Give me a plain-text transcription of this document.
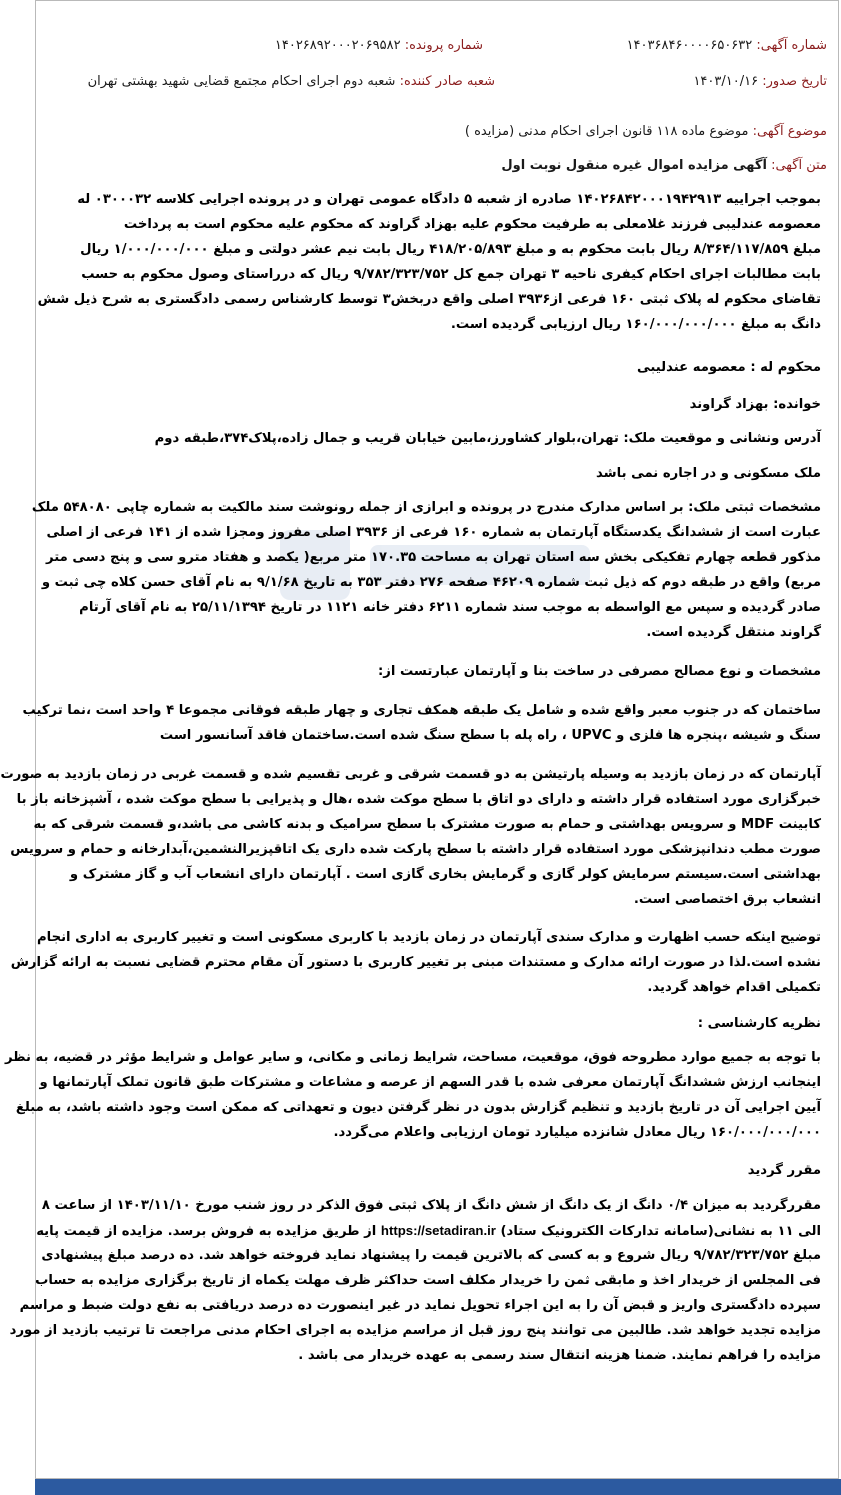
شماره آگهی: ۱۴۰۳۶۸۴۶۰۰۰۰۶۵۰۶۳۲
شماره پرونده: ۱۴۰۲۶۸۹۲۰۰۰۲۰۶۹۵۸۲
تاریخ صدور: ۱۴۰۳/۱۰/۱۶
شعبه صادر کننده: شعبه دوم اجرای احکام مجتمع قضایی شهید بهشتی تهران
موضوع آگهی: موضوع ماده ۱۱۸ قانون اجرای احکام مدنی (مزایده )
متن آگهی: آگهی مزایده اموال غیره منقول نوبت اول
بموجب اجراییه ۱۴۰۲۶۸۴۲۰۰۰۱۹۴۲۹۱۳ صادره از شعبه ۵ دادگاه عمومی تهران و در پرونده اجرایی کلاسه ۰۳۰۰۰۳۲ له
معصومه عندلیبی فرزند غلامعلی به طرفیت محکوم علیه بهزاد گراوند که محکوم علیه محکوم است به پرداخت
مبلغ ۸/۳۶۴/۱۱۷/۸۵۹ ریال بابت محکوم به و مبلغ ۴۱۸/۲۰۵/۸۹۳ ریال بابت نیم عشر دولتی و مبلغ ۱/۰۰۰/۰۰۰/۰۰۰ ریال
بابت مطالبات اجرای احکام کیفری ناحیه ۳ تهران جمع کل ۹/۷۸۲/۳۲۳/۷۵۲ ریال که درراستای وصول محکوم به حسب
تقاضای محکوم له پلاک ثبتی ۱۶۰ فرعی از۳۹۳۶ اصلی واقع دربخش۳ توسط کارشناس رسمی دادگستری به شرح ذیل شش
دانگ به مبلغ ۱۶۰/۰۰۰/۰۰۰/۰۰۰ ریال ارزیابی گردیده است.
محکوم له : معصومه عندلیبی
خوانده: بهزاد گراوند
آدرس ونشانی و موقعیت ملک: تهران،بلوار کشاورز،مابین خیابان قریب و جمال زاده،پلاک۳۷۴،طبقه دوم
ملک مسکونی و در اجاره نمی باشد
مشخصات ثبتی ملک: بر اساس مدارک مندرج در پرونده و ابرازی از جمله رونوشت سند مالکیت به شماره چاپی ۵۴۸۰۸۰ ملک
عبارت است از ششدانگ یکدستگاه آپارتمان به شماره ۱۶۰ فرعی از ۳۹۳۶ اصلی مفروز ومجزا شده از ۱۴۱ فرعی از اصلی
مذکور قطعه چهارم تفکیکی بخش سه استان تهران به مساحت ۱۷۰.۳۵ متر مربع( یکصد و هفتاد مترو سی و پنج دسی متر
مربع) واقع در طبقه دوم که ذیل ثبت شماره ۴۶۲۰۹ صفحه ۲۷۶ دفتر ۳۵۳ به تاریخ ۹/۱/۶۸ به نام آقای حسن کلاه چی ثبت و
صادر گردیده و سپس مع الواسطه به موجب سند شماره ۶۲۱۱ دفتر خانه ۱۱۲۱ در تاریخ ۲۵/۱۱/۱۳۹۴ به نام آقای آرتام
گراوند منتقل گردیده است.
مشخصات و نوع مصالح مصرفی در ساخت بنا و آپارتمان عبارتست از:
ساختمان که در جنوب معبر واقع شده و شامل یک طبقه همکف تجاری و چهار طبقه فوقانی مجموعا ۴ واحد است ،نما ترکیب
سنگ و شیشه ،پنجره ها فلزی و UPVC ، راه پله با سطح سنگ شده است.ساختمان فاقد آسانسور است
آپارتمان که در زمان بازدید به وسیله پارتیشن به دو قسمت شرقی و غربی تقسیم شده و قسمت غربی در زمان بازدید به صورت
خبرگزاری مورد استفاده قرار داشته و دارای دو اتاق با سطح موکت شده ،هال و پذیرایی با سطح موکت شده ، آشپزخانه باز با
کابینت MDF و سرویس بهداشتی و حمام به صورت مشترک با سطح سرامیک و بدنه کاشی می باشد،و قسمت شرقی که به
صورت مطب دندانپزشکی مورد استفاده قرار داشته با سطح پارکت شده داری یک اتاقپزیرالنشمین،آبدارخانه و حمام و سرویس
بهداشتی است.سیستم سرمایش کولر گازی و گرمایش بخاری گازی است . آپارتمان دارای انشعاب آب و گاز مشترک و
انشعاب برق اختصاصی است.
توضیح اینکه حسب اظهارت و مدارک سندی آپارتمان در زمان بازدید با کاربری مسکونی است و تغییر کاربری به اداری انجام
نشده است.لذا در صورت ارائه مدارک و مستندات مبنی بر تغییر کاربری با دستور آن مقام محترم قضایی نسبت به ارائه گزارش
تکمیلی اقدام خواهد گردید.
نظریه کارشناسی :
با توجه به جمیع موارد مطروحه فوق، موقعیت، مساحت، شرایط زمانی و مکانی، و سایر عوامل و شرایط مؤثر در قضیه، به نظر
اینجانب ارزش ششدانگ آپارتمان معرفی شده با قدر السهم از عرصه و مشاعات و مشترکات طبق قانون تملک آپارتمانها و
آیین اجرایی آن در تاریخ بازدید و تنظیم گزارش بدون در نظر گرفتن دیون و تعهداتی که ممکن است وجود داشته باشد، به مبلغ
۱۶۰/۰۰۰/۰۰۰/۰۰۰ ریال معادل شانزده میلیارد تومان ارزیابی واعلام می‌گردد.
مقرر گردید
مقررگردید به میزان ۰/۴ دانگ از یک دانگ از شش دانگ از پلاک ثبتی فوق الذکر در روز شنب مورخ ۱۴۰۳/۱۱/۱۰ از ساعت ۸
الی ۱۱ به نشانی(سامانه تدارکات الکترونیک ستاد) https://setadiran.ir از طریق مزایده به فروش برسد. مزایده از قیمت پایه
مبلغ ۹/۷۸۲/۳۲۳/۷۵۲ ریال شروع و به کسی که بالاترین قیمت را پیشنهاد نماید فروخته خواهد شد. ده درصد مبلغ پیشنهادی
فی المجلس از خریدار اخذ و مابقی ثمن را خریدار مکلف است حداکثر ظرف مهلت یکماه از تاریخ برگزاری مزایده به حساب
سپرده دادگستری واریز و قبض آن را به این اجراء تحویل نماید در غیر اینصورت ده درصد دریافتی به نفع دولت ضبط و مراسم
مزایده تجدید خواهد شد. طالبین می توانند پنج روز قبل از مراسم مزایده به اجرای احکام مدنی مراجعت تا ترتیب بازدید از مورد
مزایده را فراهم نمایند. ضمنا هزینه انتقال سند رسمی به عهده خریدار می باشد .
